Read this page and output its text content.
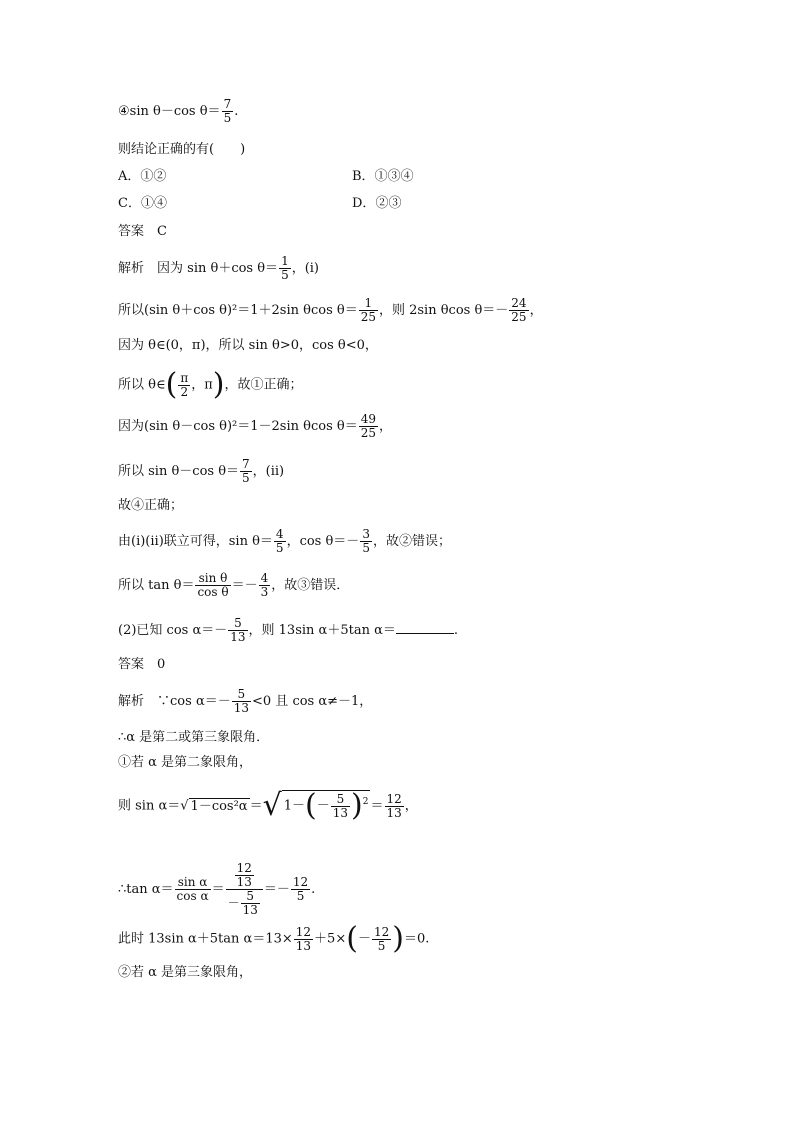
④sin θ－cos $\theta= \frac{7}{5}$ .
则结论正确的有(　　)
A．①②	B．①③④
C．①④	D．②③
答案　 C
解析　 因为 sin θ＋cos $\theta= \frac{1}{5}$ ，(ⅰ)
所以(sin θ＋cos θ)²＝1＋2sin θcos $\theta= \frac{1}{25}$ ，则 2sin θcos $\theta=- \frac{24}{25}$ ，
因为 θ∈(0，π)，所以 sin θ>0，cos θ<0，
所以 θ∈( $\frac{\pi}{2}$ ，π)，故①正确；
因为(sin θ－cos θ)²＝1－2sin θcos $\theta= \frac{49}{25}$ ，
所以 sin θ－cos $\theta= \frac{7}{5}$ ，(ⅱ)
故④正确；
由(ⅰ)(ⅱ)联立可得，$\sin \theta= \frac{4}{5}$ ，$\cos \theta=- \frac{3}{5}$ ，故②错误；
所以 $\tan \theta= \frac{\text{sin θ}}{\text{cos θ}} =- \frac{4}{3}$ ，故③错误．
(2)已知 $\cos \alpha=- \frac{5}{13}$ ，则 13sin α＋5tan α＝	.
答案　 0
解析　 ∵cos $\alpha=- \frac{5}{13} <0$ 且 cos α≠－1，
∴α 是第二或第三象限角．
①若 α 是第二象限角，
则 sin α＝√ 1－cos²α ＝√ $1-(- \frac{5}{13} )^2 = \frac{12}{13}$ ，
∴tan $\alpha= \frac{\text{sin α}}{\text{cos α}} = \frac{\frac{12}{13}}{- \frac{5}{13}} =- \frac{12}{5}$ .
此时 13sin α＋5tan $\alpha=13\times \frac{12}{13} +5\times(- \frac{12}{5} )=0$.
②若 α 是第三象限角，
